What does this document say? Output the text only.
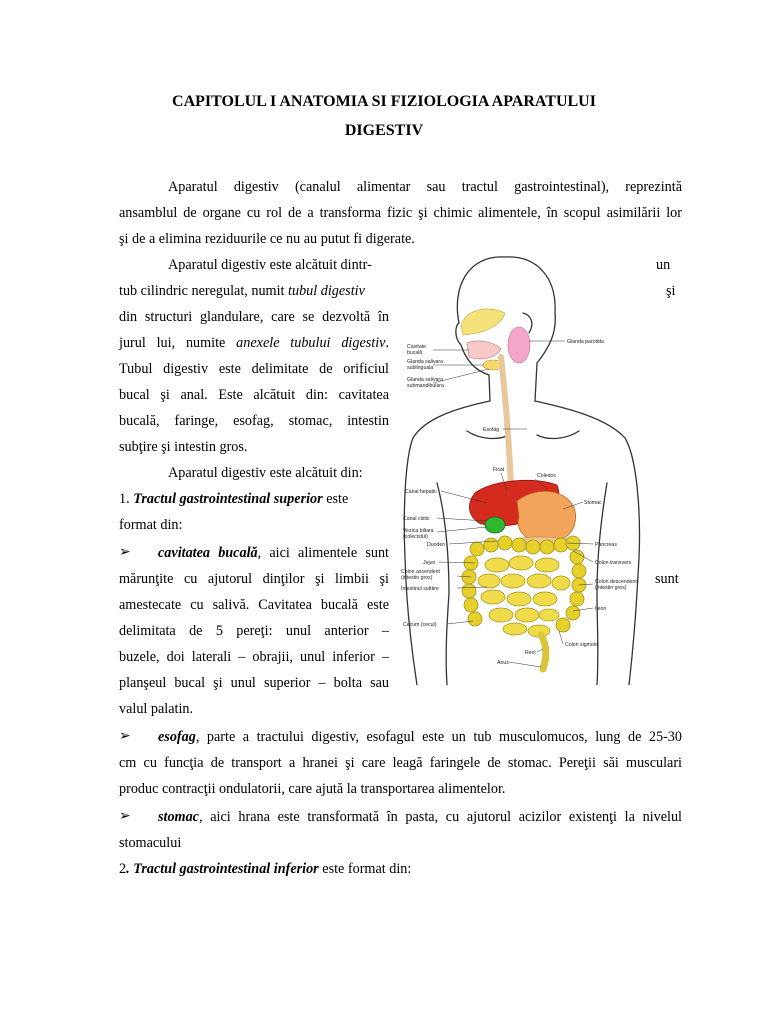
CAPITOLUL I ANATOMIA SI FIZIOLOGIA APARATULUI
DIGESTIV
Aparatul digestiv (canalul alimentar sau tractul gastrointestinal), reprezintă
ansamblul de organe cu rol de a transforma fizic şi chimic alimentele, în scopul asimilării lor
şi de a elimina reziduurile ce nu au putut fi digerate.
Aparatul digestiv este alcătuit dintr-	un
tub cilindric neregulat, numit tubul digestiv	şi
din structuri glandulare, care se dezvoltă în
jurul lui, numite anexele tubului digestiv.
Tubul digestiv este delimitate de orificiul
bucal şi anal. Este alcătuit din: cavitatea
bucală, faringe, esofag, stomac, intestin
subţire şi intestin gros.
Aparatul digestiv este alcătuit din:
1. Tractul gastrointestinal superior este
format din:
➢ cavitatea bucală, aici alimentele sunt
mărunţite cu ajutorul dinţilor şi limbii şi	sunt
amestecate cu salivă. Cavitatea bucală este
delimitata de 5 pereţi: unul anterior –
buzele, doi laterali – obrajii, unul inferior –
planşeul bucal şi unul superior – bolta sau
valul palatin.
➢ esofag, parte a tractului digestiv, esofagul este un tub musculomucos, lung de 25-30
cm cu funcţia de transport a hranei şi care leagă faringele de stomac. Pereţii săi musculari
produc contracţii ondulatorii, care ajută la transportarea alimentelor.
➢ stomac, aici hrana este transformată în pasta, cu ajutorul acizilor existenţi la nivelul
stomacului
2. Tractul gastrointestinal inferior este format din:
Cavitate
bucală
Glanda salivara
sublinguala
Glanda salivara
submandibulara
Glanda parotida
Esofag
Ficat
Coledoc
Canal hepatic
Stomac
Canal cistic
Vezica biliara
(colecistul)
Duoden	Pancreas
Jejun	Colon transvers
Colon ascendent
(intestin gros)
Colon descendent
(intestin gros)
Intestinul subtire
Ileon
Cecum (cecul)
Colon sigmoid
Rect
Anus
